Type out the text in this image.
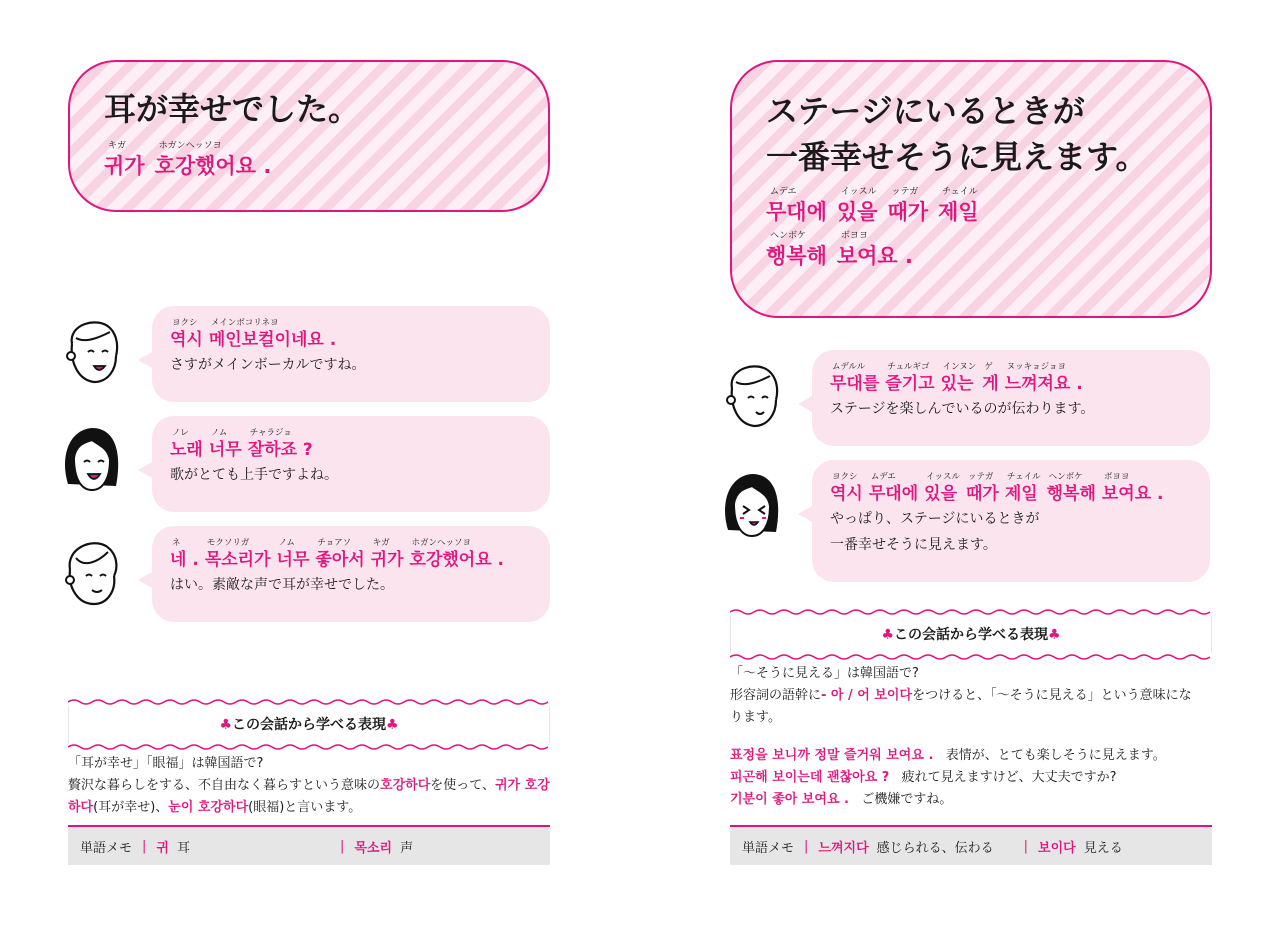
耳が幸せでした。
キガ
귀가
ホガンヘッソヨ
호강했어요 .
ヨクシ
역시
メインボコリネヨ
메인보컬이네요 .
さすがメインボーカルですね。
ノレ
노래
ノム
너무
チャラジョ
잘하죠 ?
歌がとても上手ですよね。
ネ
네 .
モクソリガ
목소리가
ノム
너무
チョアソ
좋아서
キガ
귀가
ホガンヘッソヨ
호강했어요 .
はい。素敵な声で耳が幸せでした。
♣この会話から学べる表現♣
「耳が幸せ」「眼福」は韓国語で?
贅沢な暮らしをする、不自由なく暮らすという意味の호강하다を使って、귀가 호강하다(耳が幸せ)、눈이 호강하다(眼福)と言います。
単語メモ | 귀 耳	| 목소리 声
ステージにいるときが
一番幸せそうに見えます。
ムデエ
무대에
イッスル
있을
ッテガ
때가
チェイル
제일
ヘンボケ
행복해
ボヨヨ
보여요 .
ムデルル
무대를
チュルギゴ
즐기고
インヌン
있는
ゲ
게
ヌッキョジョヨ
느껴져요 .
ステージを楽しんでいるのが伝わります。
ヨクシ
역시
ムデエ
무대에
イッスル
있을
ッテガ
때가
チェイル
제일
ヘンボケ
행복해
ボヨヨ
보여요 .
やっぱり、ステージにいるときが
一番幸せそうに見えます。
♣この会話から学べる表現♣
「〜そうに見える」は韓国語で?
形容詞の語幹に- 아 / 어 보이다をつけると、「〜そうに見える」という意味にな
ります。
표정을 보니까 정말 즐거워 보여요 . 表情が、とても楽しそうに見えます。
피곤해 보이는데 괜찮아요 ? 疲れて見えますけど、大丈夫ですか?
기분이 좋아 보여요 . ご機嫌ですね。
単語メモ | 느껴지다 感じられる、伝わる | 보이다 見える
